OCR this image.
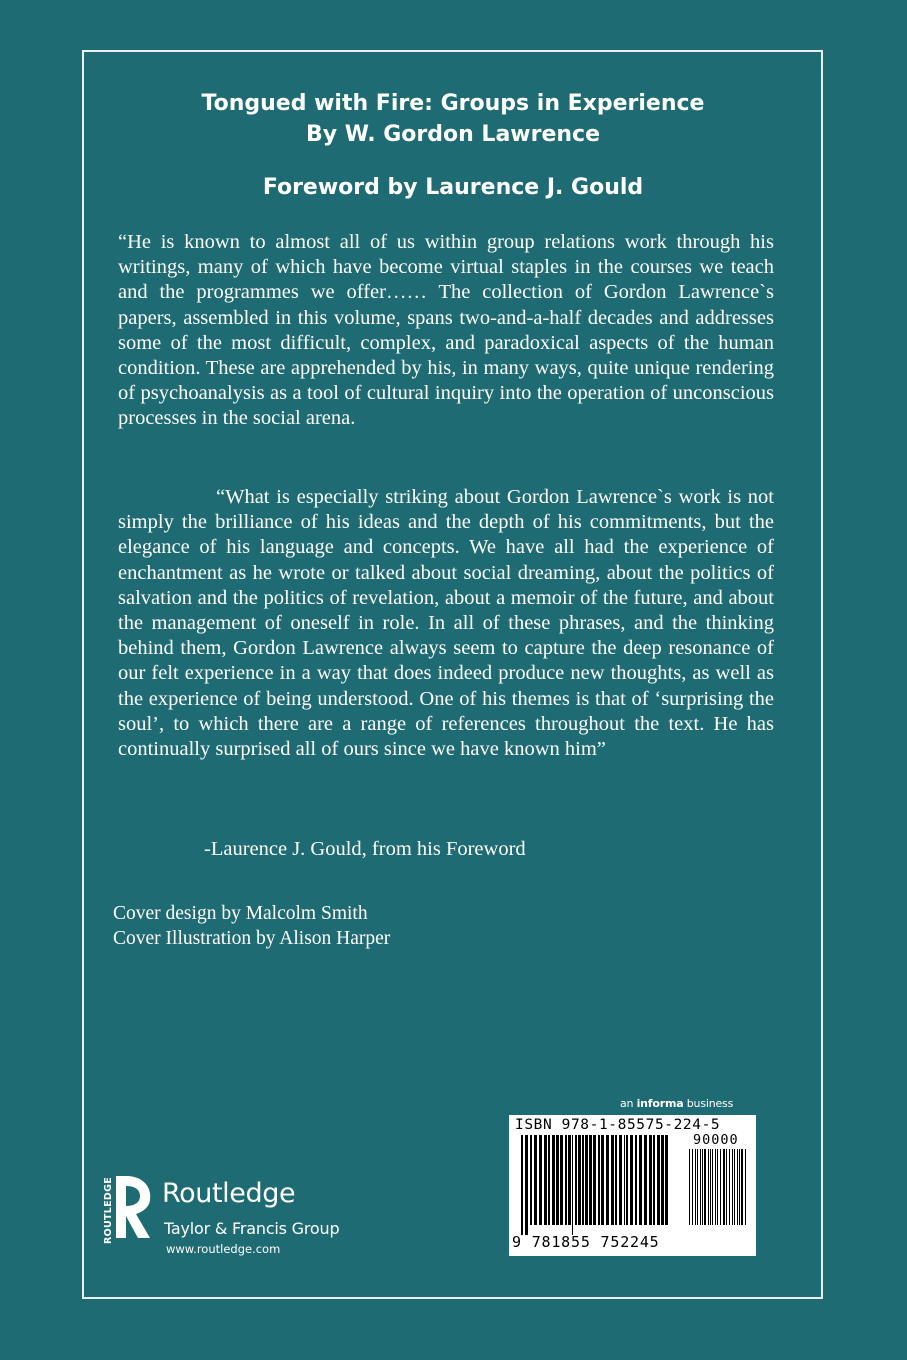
Tongued with Fire: Groups in Experience
By W. Gordon Lawrence
Foreword by Laurence J. Gould
“He is known to almost all of us within group relations work through his writings, many of which have become virtual staples in the courses we teach and the programmes we offer…… The collection of Gordon Lawrence`s papers, assembled in this volume, spans two-and-a-half decades and addresses some of the most difficult, complex, and paradoxical aspects of the human condition. These are apprehended by his, in many ways, quite unique rendering of psychoanalysis as a tool of cultural inquiry into the operation of unconscious processes in the social arena.
“What is especially striking about Gordon Lawrence`s work is not simply the brilliance of his ideas and the depth of his commitments, but the elegance of his language and concepts. We have all had the experience of enchantment as he wrote or talked about social dreaming, about the politics of salvation and the politics of revelation, about a memoir of the future, and about the management of oneself in role. In all of these phrases, and the thinking behind them, Gordon Lawrence always seem to capture the deep resonance of our felt experience in a way that does indeed produce new thoughts, as well as the experience of being understood. One of his themes is that of ‘surprising the soul’, to which there are a range of references throughout the text. He has continually surprised all of ours since we have known him”
-Laurence J. Gould, from his Foreword
Cover design by Malcolm Smith
Cover Illustration by Alison Harper
an informa business
ISBN 978-1-85575-224-5
90000
9 781855 752245
ROUTLEDGE Routledge
Taylor & Francis Group
www.routledge.com
